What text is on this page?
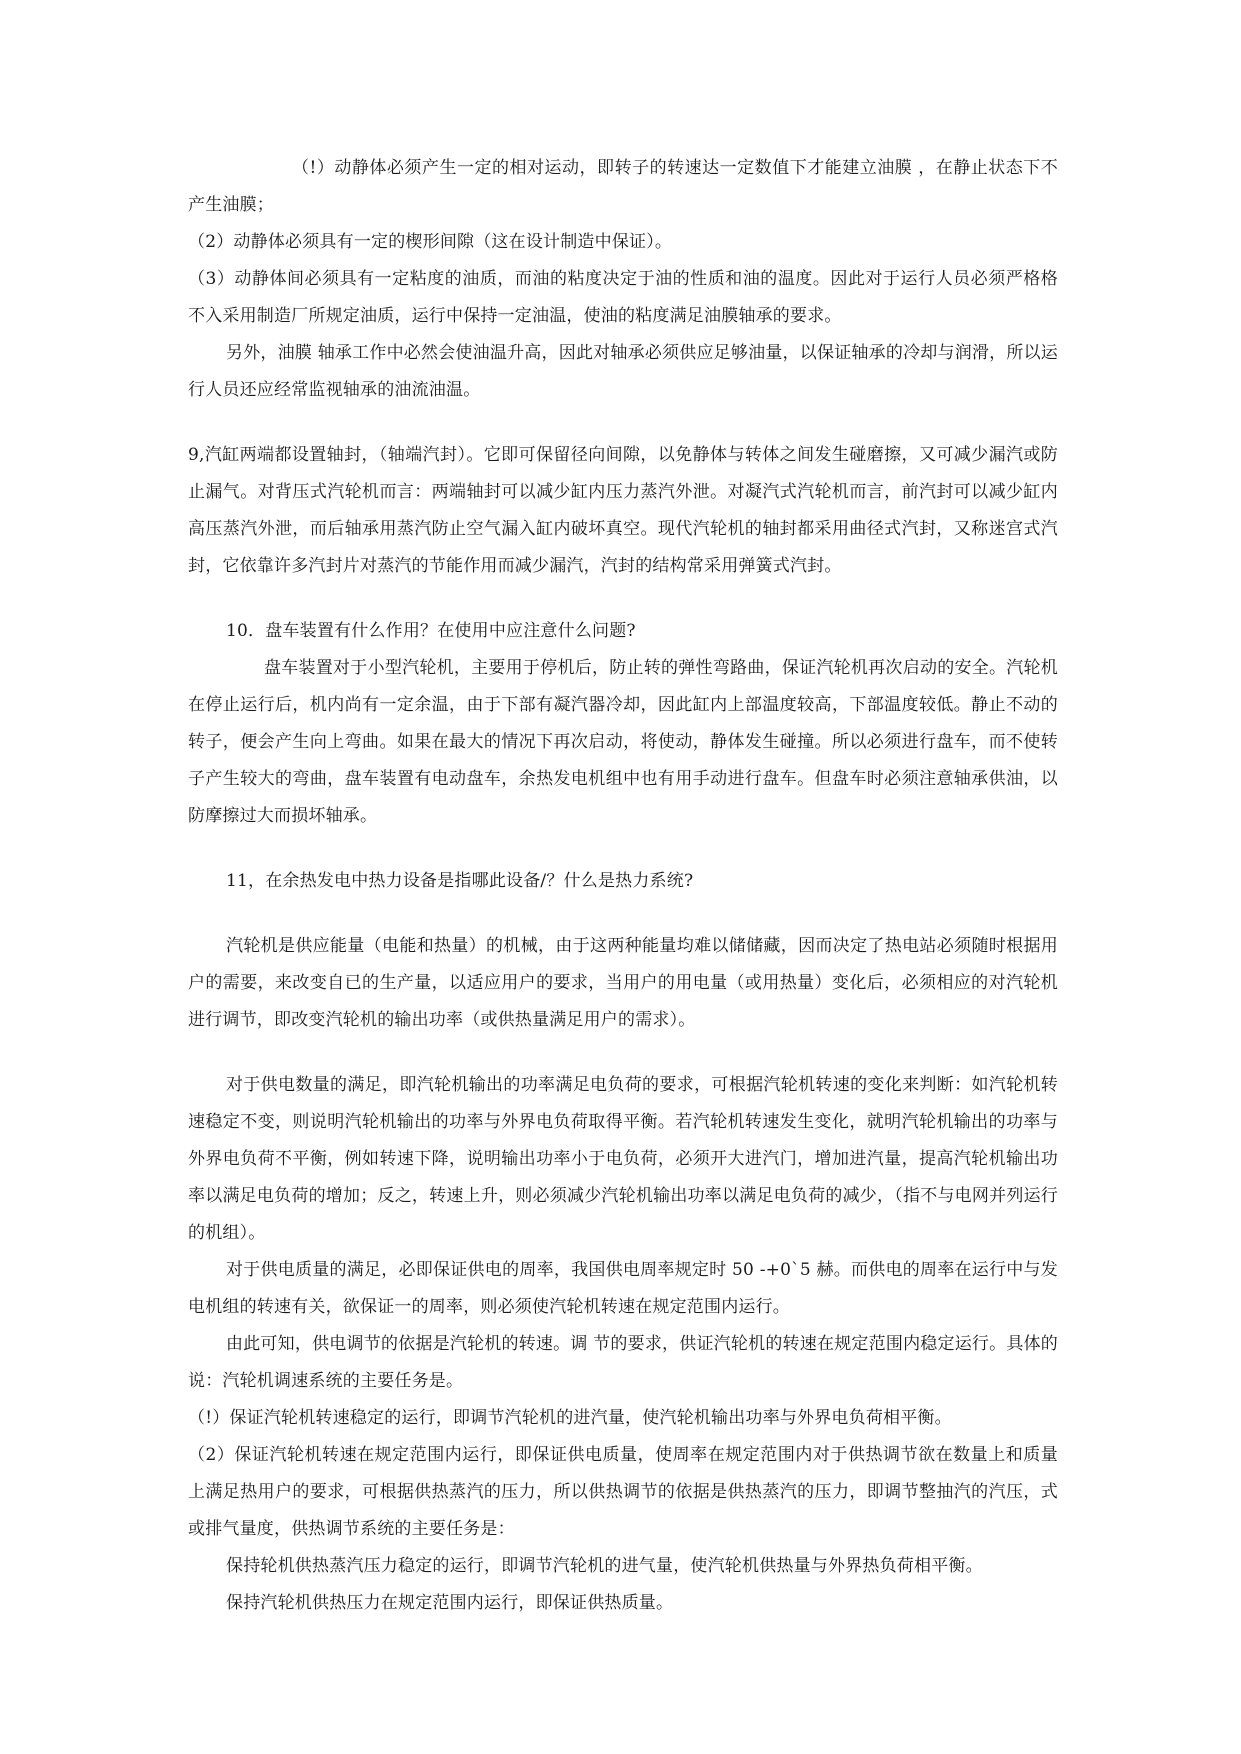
（!）动静体必须产生一定的相对运动，即转子的转速达一定数值下才能建立油膜 ，在静止状态下不产生油膜；

（2）动静体必须具有一定的楔形间隙（这在设计制造中保证）。

（3）动静体间必须具有一定粘度的油质，而油的粘度决定于油的性质和油的温度。因此对于运行人员必须严格格不入采用制造厂所规定油质，运行中保持一定油温，使油的粘度满足油膜轴承的要求。

另外，油膜 轴承工作中必然会使油温升高，因此对轴承必须供应足够油量，以保证轴承的冷却与润滑，所以运行人员还应经常监视轴承的油流油温。

9,汽缸两端都设置轴封，（轴端汽封）。它即可保留径向间隙，以免静体与转体之间发生碰磨擦，又可减少漏汽或防止漏气。对背压式汽轮机而言：两端轴封可以减少缸内压力蒸汽外泄。对凝汽式汽轮机而言，前汽封可以减少缸内高压蒸汽外泄，而后轴承用蒸汽防止空气漏入缸内破坏真空。现代汽轮机的轴封都采用曲径式汽封，又称迷宫式汽封，它依靠许多汽封片对蒸汽的节能作用而减少漏汽，汽封的结构常采用弹簧式汽封。

10．盘车装置有什么作用？在使用中应注意什么问题?

盘车装置对于小型汽轮机，主要用于停机后，防止转的弹性弯路曲，保证汽轮机再次启动的安全。汽轮机在停止运行后，机内尚有一定余温，由于下部有凝汽器冷却，因此缸内上部温度较高，下部温度较低。静止不动的转子，便会产生向上弯曲。如果在最大的情况下再次启动，将使动，静体发生碰撞。所以必须进行盘车，而不使转子产生较大的弯曲，盘车装置有电动盘车，余热发电机组中也有用手动进行盘车。但盘车时必须注意轴承供油，以防摩擦过大而损坏轴承。

11，在余热发电中热力设备是指哪此设备/？什么是热力系统?

汽轮机是供应能量（电能和热量）的机械，由于这两种能量均难以储储藏，因而决定了热电站必须随时根据用户的需要，来改变自已的生产量，以适应用户的要求，当用户的用电量（或用热量）变化后，必须相应的对汽轮机进行调节，即改变汽轮机的输出功率（或供热量满足用户的需求）。

对于供电数量的满足，即汽轮机输出的功率满足电负荷的要求，可根据汽轮机转速的变化来判断：如汽轮机转速稳定不变，则说明汽轮机输出的功率与外界电负荷取得平衡。若汽轮机转速发生变化，就明汽轮机输出的功率与外界电负荷不平衡，例如转速下降，说明输出功率小于电负荷，必须开大进汽门，增加进汽量，提高汽轮机输出功率以满足电负荷的增加；反之，转速上升，则必须减少汽轮机输出功率以满足电负荷的减少，（指不与电网并列运行的机组）。

对于供电质量的满足，必即保证供电的周率，我国供电周率规定时 50 -+0`5 赫。而供电的周率在运行中与发电机组的转速有关，欲保证一的周率，则必须使汽轮机转速在规定范围内运行。

由此可知，供电调节的依据是汽轮机的转速。调 节的要求，供证汽轮机的转速在规定范围内稳定运行。具体的说：汽轮机调速系统的主要任务是。

（!）保证汽轮机转速稳定的运行，即调节汽轮机的进汽量，使汽轮机输出功率与外界电负荷相平衡。

（2）保证汽轮机转速在规定范围内运行，即保证供电质量，使周率在规定范围内对于供热调节欲在数量上和质量上满足热用户的要求，可根据供热蒸汽的压力，所以供热调节的依据是供热蒸汽的压力，即调节整抽汽的汽压，式或排气量度，供热调节系统的主要任务是：

保持轮机供热蒸汽压力稳定的运行，即调节汽轮机的进气量，使汽轮机供热量与外界热负荷相平衡。

保持汽轮机供热压力在规定范围内运行，即保证供热质量。
